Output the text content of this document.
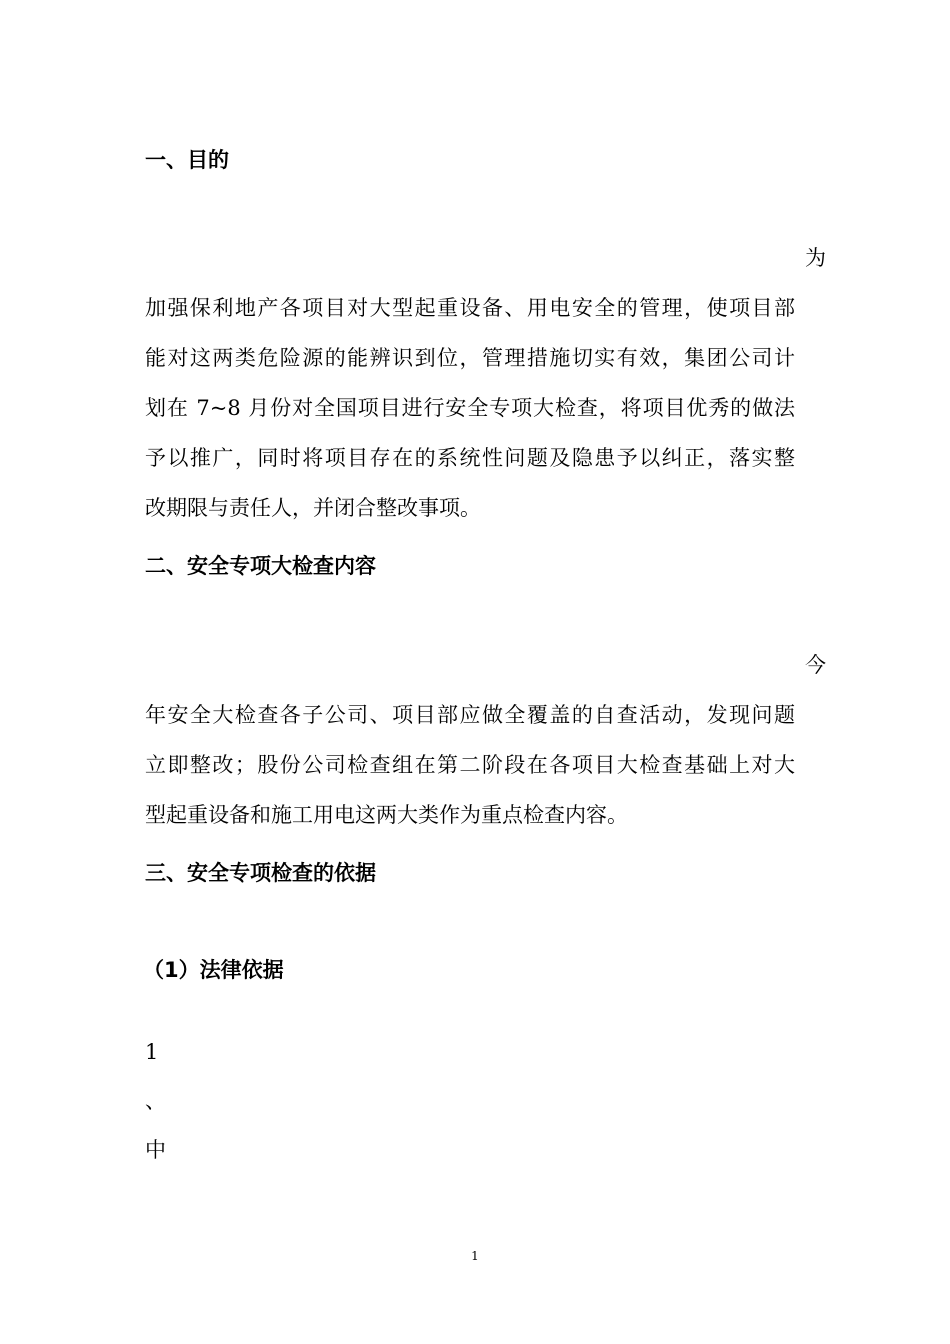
一、目的
为
加强保利地产各项目对大型起重设备、用电安全的管理，使项目部
能对这两类危险源的能辨识到位，管理措施切实有效，集团公司计
划在 7~8 月份对全国项目进行安全专项大检查，将项目优秀的做法
予以推广，同时将项目存在的系统性问题及隐患予以纠正，落实整
改期限与责任人，并闭合整改事项。
二、安全专项大检查内容
今
年安全大检查各子公司、项目部应做全覆盖的自查活动，发现问题
立即整改；股份公司检查组在第二阶段在各项目大检查基础上对大
型起重设备和施工用电这两大类作为重点检查内容。
三、安全专项检查的依据
（1）法律依据
1
、
中
1
